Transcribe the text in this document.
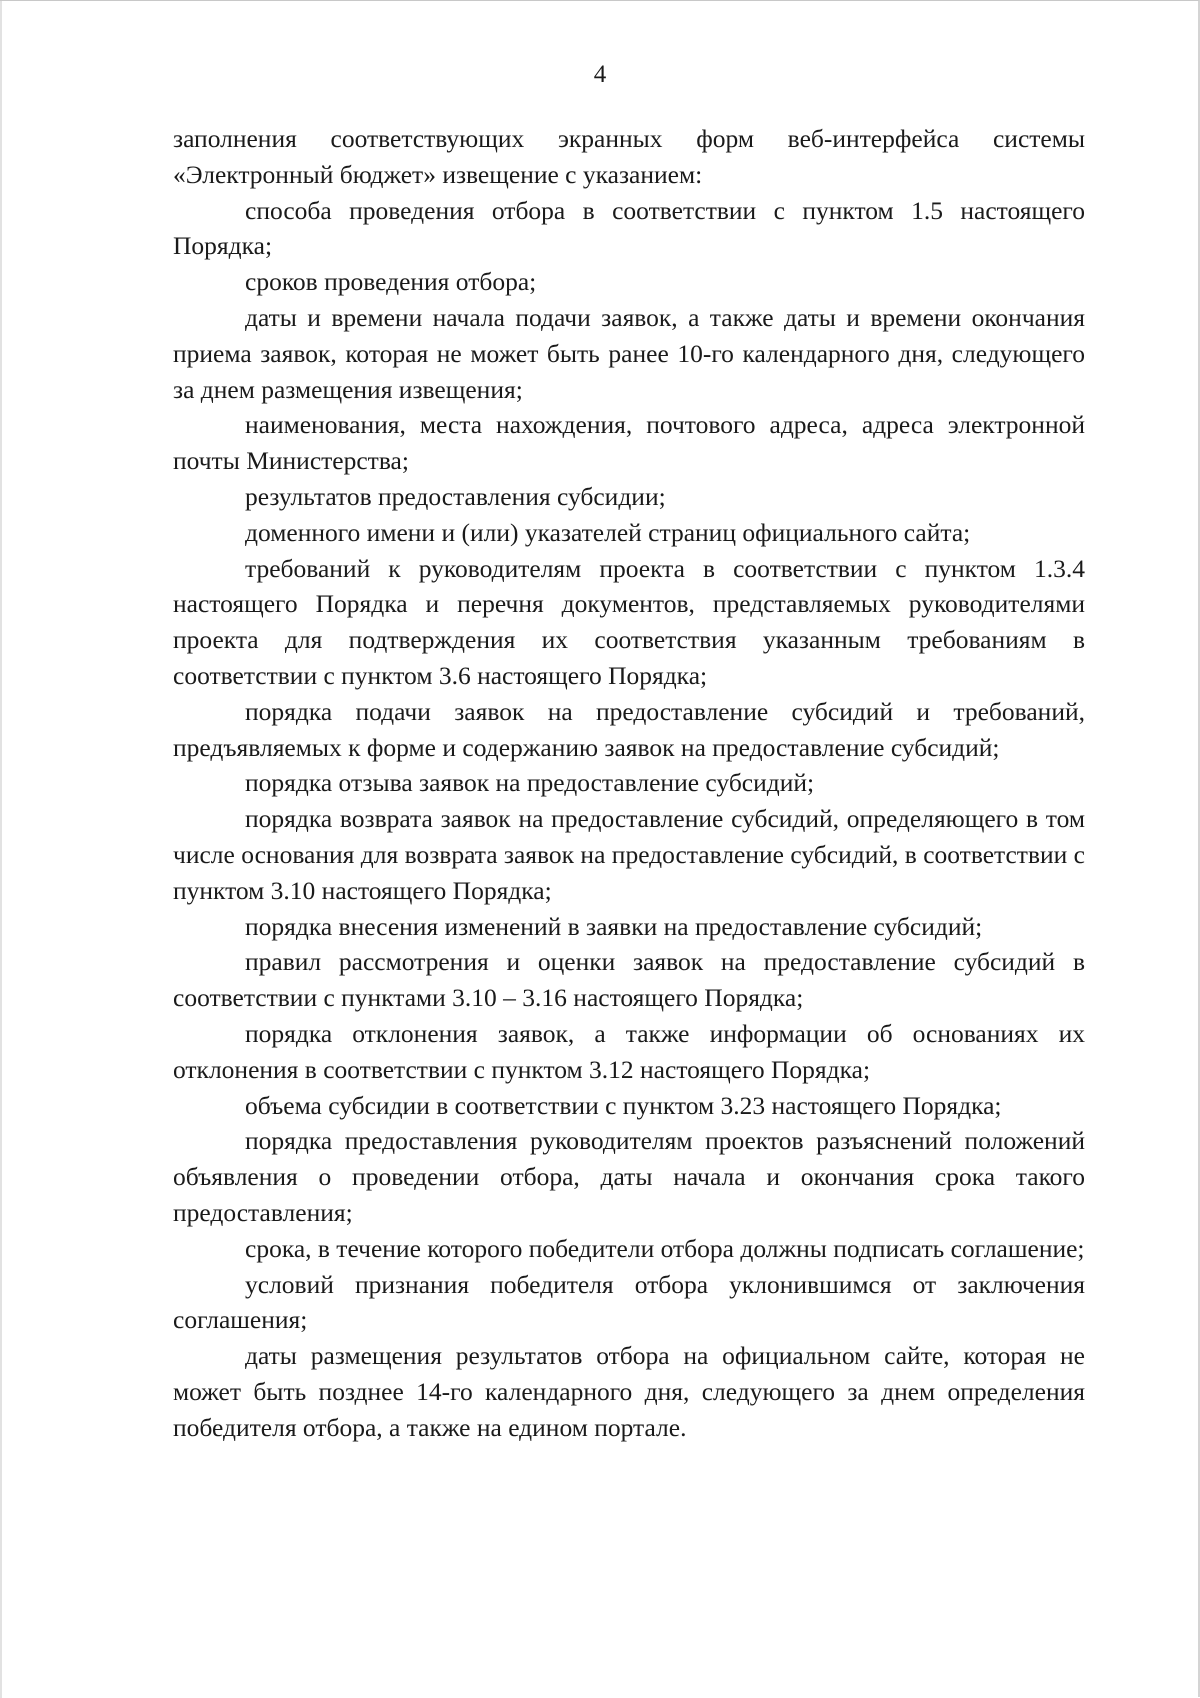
4

заполнения соответствующих экранных форм веб-интерфейса системы «Электронный бюджет» извещение с указанием:

способа проведения отбора в соответствии с пунктом 1.5 настоящего Порядка;

сроков проведения отбора;

даты и времени начала подачи заявок, а также даты и времени окончания приема заявок, которая не может быть ранее 10-го календарного дня, следующего за днем размещения извещения;

наименования, места нахождения, почтового адреса, адреса электронной почты Министерства;

результатов предоставления субсидии;

доменного имени и (или) указателей страниц официального сайта;

требований к руководителям проекта в соответствии с пунктом 1.3.4 настоящего Порядка и перечня документов, представляемых руководителями проекта для подтверждения их соответствия указанным требованиям в соответствии с пунктом 3.6 настоящего Порядка;

порядка подачи заявок на предоставление субсидий и требований, предъявляемых к форме и содержанию заявок на предоставление субсидий;

порядка отзыва заявок на предоставление субсидий;

порядка возврата заявок на предоставление субсидий, определяющего в том числе основания для возврата заявок на предоставление субсидий, в соответствии с пунктом 3.10 настоящего Порядка;

порядка внесения изменений в заявки на предоставление субсидий;

правил рассмотрения и оценки заявок на предоставление субсидий в соответствии с пунктами 3.10 – 3.16 настоящего Порядка;

порядка отклонения заявок, а также информации об основаниях их отклонения в соответствии с пунктом 3.12 настоящего Порядка;

объема субсидии в соответствии с пунктом 3.23 настоящего Порядка;

порядка предоставления руководителям проектов разъяснений положений объявления о проведении отбора, даты начала и окончания срока такого предоставления;

срока, в течение которого победители отбора должны подписать соглашение;

условий признания победителя отбора уклонившимся от заключения соглашения;

даты размещения результатов отбора на официальном сайте, которая не может быть позднее 14-го календарного дня, следующего за днем определения победителя отбора, а также на едином портале.
